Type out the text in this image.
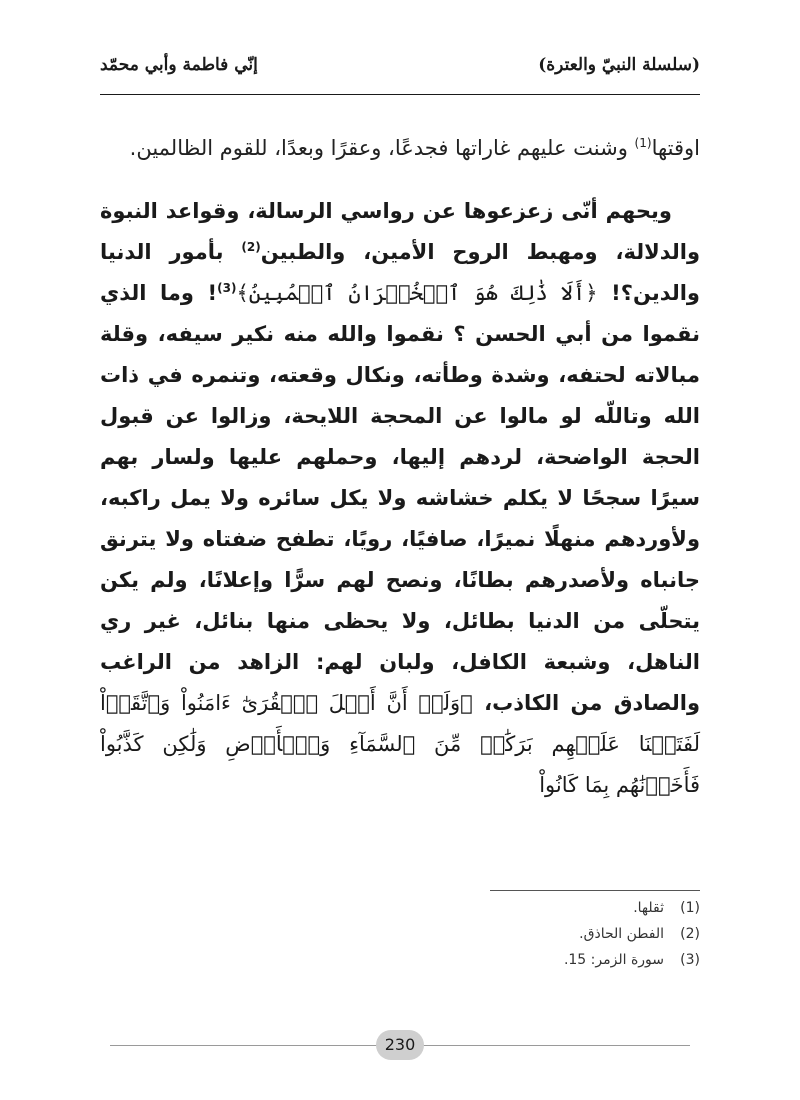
(سلسلة النبيّ والعترة)
إنّي فاطمة وأبي محمّد

اوقتها$^{(1)}$ وشنت عليهم غاراتها فجدعًا، وعقرًا وبعدًا، للقوم الظالمين.

ويحهم أنّى زعزعوها عن رواسي الرسالة، وقواعد النبوة والدلالة، ومهبط الروح الأمين، والطبين$^{(2)}$ بأمور الدنيا والدين؟! ﴿أَلَا ذَٰلِكَ هُوَ ٱلۡخُسۡرَانُ ٱلۡمُبِينُ﴾$^{(3)}$! وما الذي نقموا من أبي الحسن ؟ نقموا والله منه نكير سيفه، وقلة مبالاته لحتفه، وشدة وطأته، ونكال وقعته، وتنمره في ذات الله وتاللّه لو مالوا عن المحجة اللايحة، وزالوا عن قبول الحجة الواضحة، لردهم إليها، وحملهم عليها ولسار بهم سيرًا سجحًا لا يكلم خشاشه ولا يكل سائره ولا يمل راكبه، ولأوردهم منهلًا نميرًا، صافيًا، رويًا، تطفح ضفتاه ولا يترنق جانباه ولأصدرهم بطانًا، ونصح لهم سرًّا وإعلانًا، ولم يكن يتحلّى من الدنيا بطائل، ولا يحظى منها بنائل، غير ري الناهل، وشبعة الكافل، ولبان لهم: الزاهد من الراغب والصادق من الكاذب، ﴿وَلَوۡ أَنَّ أَهۡلَ ٱلۡقُرَىٰٓ ءَامَنُواْ وَٱتَّقَوۡاْ لَفَتَحۡنَا عَلَيۡهِم بَرَكَٰتٖ مِّنَ ٱلسَّمَآءِ وَٱلۡأَرۡضِ وَلَٰكِن كَذَّبُواْ فَأَخَذۡنَٰهُم بِمَا كَانُواْ

(1)
ثقلها.
(2)
الفطن الحاذق.
(3)
سورة الزمر: 15.
230
